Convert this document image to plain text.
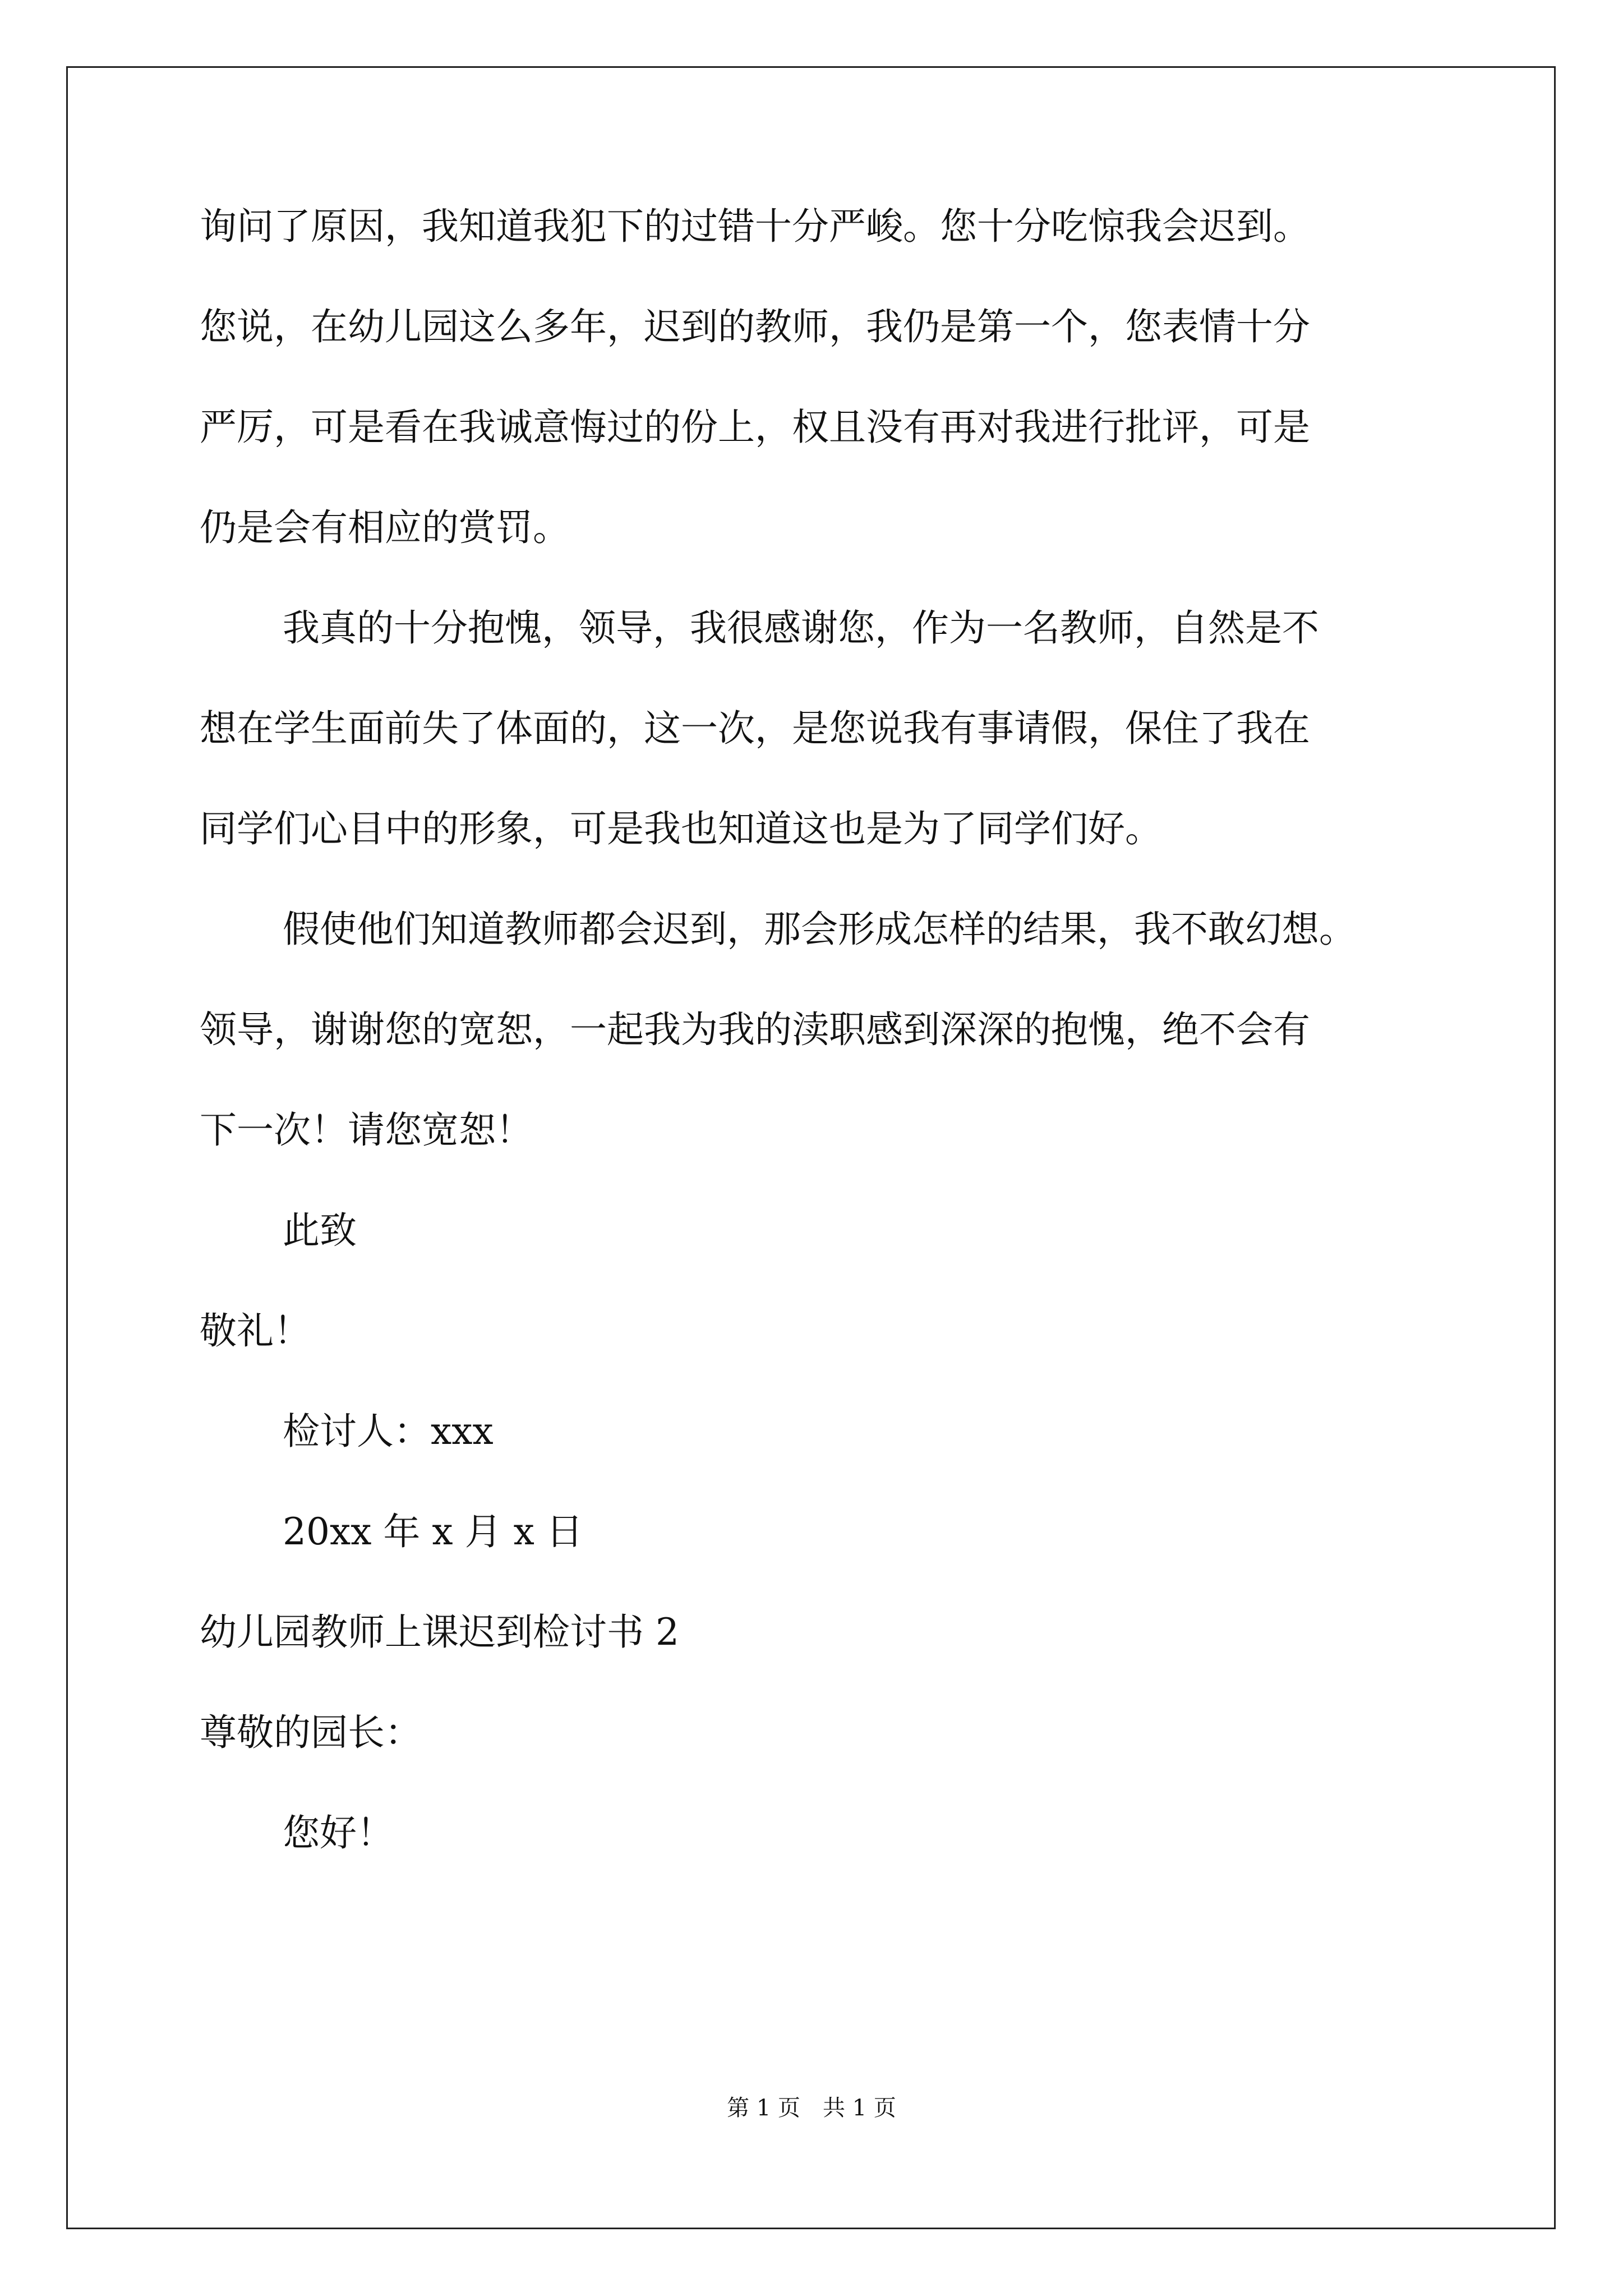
询问了原因，我知道我犯下的过错十分严峻。您十分吃惊我会迟到。
您说，在幼儿园这么多年，迟到的教师，我仍是第一个，您表情十分
严厉，可是看在我诚意悔过的份上，权且没有再对我进行批评，可是
仍是会有相应的赏罚。
我真的十分抱愧，领导，我很感谢您，作为一名教师，自然是不
想在学生面前失了体面的，这一次，是您说我有事请假，保住了我在
同学们心目中的形象，可是我也知道这也是为了同学们好。
假使他们知道教师都会迟到，那会形成怎样的结果，我不敢幻想。
领导，谢谢您的宽恕，一起我为我的渎职感到深深的抱愧，绝不会有
下一次！请您宽恕！
此致
敬礼！
检讨人：xxx
20xx 年 x 月 x 日
幼儿园教师上课迟到检讨书 2
尊敬的园长：
您好！
第 1 页　共 1 页
